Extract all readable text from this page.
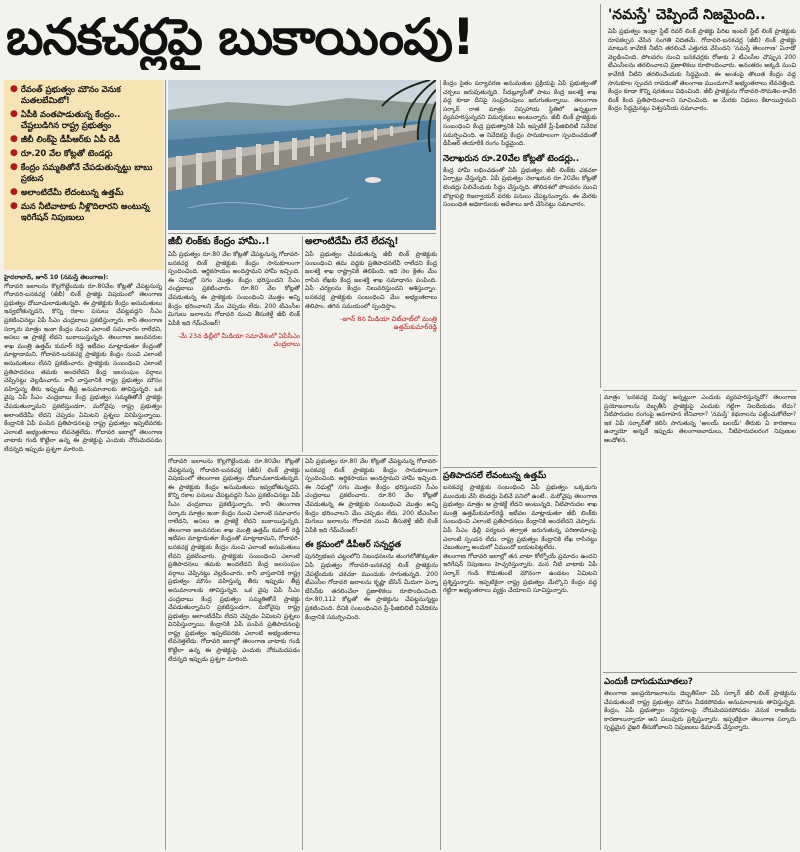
బనకచర్లపై బుకాయింపు!	'నమస్తే' చెప్పిందే నిజమైంది..
ఏపీ ప్రభుత్వం ఇంట్రా స్టేట్ రివర్ లింక్ ప్రాజెక్టు పేరిట ఇంటర్ స్టేట్ లింక్ ప్రాజెక్టుకు రూపకల్పన చేసిన సంగతి విదితమే. గోదావరి-బనకచర్ల (జీబీ) లింక్ ప్రాజెక్టు మాటున కావేరికి నీటిని తరలించే ఎత్తుగడ వేసిందని 'నమస్తే తెలంగాణ' ఏనాడో వెల్లడించింది. పోలవరం నుంచి బనకచర్లకు రోజుకు 2 టీఎంసీల చొప్పున 200 టీఎంసీలను తరలించాలని ప్రణాళికలు రూపొందించారు. అనంతరం అక్కడి నుంచి కావేరికి నీటిని తరలించేందుకు సిద్ధమైంది. ఈ అంశంపై తొలుత కేంద్రం వద్ద సానుకూల స్పందన రావడంతో తెలంగాణ ముందుగానే అభ్యంతరాలు లేవనెత్తింది. కేంద్రం కూడా కొన్ని షరతులు విధించింది. జీబీ ప్రాజెక్టును గోదావరి-సోమశిల-కావేరి లింక్ కింద ప్రతిపాదించాలని సూచించింది. ఆ మేరకు నిధులు కేటాయిస్తామని కేంద్రం సిద్ధమైనట్టు విశ్వసనీయ సమాచారం.
● రేవంత్ ప్రభుత్వం మౌనం వెనుక మతలబేమిటో!
● ఏపీకి వంతపాడుతున్న కేంద్రం.. చేష్టలుడిగిన రాష్ట్ర ప్రభుత్వం
● జీబీ లింక్‌పై డీపీఆర్‌కు ఏపీ రెడీ
● రూ.20 వేల కోట్లతో టెండర్లు
● కేంద్రం సమ్మతితోనే చేపడుతున్నట్టు బాబు ప్రకటన
● అలాంటిదేమీ లేదంటున్న ఉత్తమ్
● మన నీటివాటాకు నీళ్లొదిలారని అంటున్న ఇరిగేషన్ నిపుణులు
హైదరాబాద్, జూన్ 10 (నమస్తే తెలంగాణ):
గోదావరి జలాలను కొల్లగొట్టేందుకు రూ.80వేల కోట్లతో చేపట్టనున్న గోదావరి-బనకచర్ల (జీబీ) లింక్ ప్రాజెక్టు విషయంలో తెలంగాణ ప్రభుత్వం దోబూచులాడుతున్నది. ఈ ప్రాజెక్టుకు కేంద్రం అనుమతులు ఇవ్వబోతున్నదని, కొన్ని రకాల పనులు చేపట్టవద్దని సీఎం ప్రకటించినట్టు ఏపీ సీఎం చంద్రబాబు ప్రకటిస్తున్నారు. కానీ తెలంగాణ సర్కారు మాత్రం ఇంకా కేంద్రం నుంచి ఎలాంటి సమాచారం రాలేదని, అసలు ఆ ప్రాజెక్టే లేదని బుకాయిస్తున్నది. తెలంగాణ జలవనరుల శాఖ మంత్రి ఉత్తమ్ కుమార్ రెడ్డి ఇటీవల మాట్లాడుతూ కేంద్రంతో మాట్లాడామని, గోదావరి-బనకచర్ల ప్రాజెక్టుకు కేంద్రం నుంచి ఎలాంటి అనుమతులు లేవని ప్రకటించారు. ప్రాజెక్టుకు సంబంధించి ఎలాంటి ప్రతిపాదనలు తమకు అందలేదని కేంద్ర జలసంఘం వర్గాలు చెప్పినట్టు వెల్లడించారు. కానీ వాస్తవానికి రాష్ట్ర ప్రభుత్వం మౌనం వహిస్తున్న తీరు ఇప్పుడు తీవ్ర అనుమానాలకు తావిస్తున్నది. ఒక వైపు ఏపీ సీఎం చంద్రబాబు కేంద్ర ప్రభుత్వం సమ్మతితోనే ప్రాజెక్టు చేపడుతున్నామని ప్రకటిస్తుండగా, మరోవైపు రాష్ట్ర ప్రభుత్వం అలాంటిదేమీ లేదని చెప్పడం ఏమిటని ప్రశ్నలు వినిపిస్తున్నాయి. కేంద్రానికి ఏపీ పంపిన ప్రతిపాదనలపై రాష్ట్ర ప్రభుత్వం ఇప్పటివరకు ఎలాంటి అభ్యంతరాలు లేవనెత్తలేదు. గోదావరి జలాల్లో తెలంగాణ వాటాకు గండి కొట్టేలా ఉన్న ఈ ప్రాజెక్టుపై ఎందుకు నోరుమెదపడం లేదన్నది ఇప్పుడు ప్రశ్నగా మారింది.
జీబీ లింక్‌కు కేంద్రం హామీ..!
ఏపీ ప్రభుత్వం రూ.80 వేల కోట్లతో చేపట్టనున్న గోదావరి-బనకచర్ల లింక్ ప్రాజెక్టుకు కేంద్రం సానుకూలంగా స్పందించింది. ఆర్థికసాయం అందిస్తామని హామీ ఇచ్చింది. ఈ నిధుల్లో సగం మొత్తం కేంద్రం భరిస్తుందని సీఎం చంద్రబాబు ప్రకటించారు. రూ.80 వేల కోట్లతో చేపడుతున్న ఈ ప్రాజెక్టుకు సంబంధించి మొత్తం అన్ని కేంద్రం భరించాలని మేం చెప్పడం లేదు. 200 టీఎంసీల మిగులు జలాలను గోదావరి నుంచి తీసుకెళ్తే జీబీ లింక్ ఏపీకి ఇది గేమ్‌చేంజర్!
-మే 23న ఢిల్లీలో మీడియా సమావేశంలో ఏపీసీఎం చంద్రబాబు
అలాంటిదేమీ లేనే లేదన్న!
ఏపీ ప్రభుత్వం చేపడుతున్న జీబీ లింక్ ప్రాజెక్టుకు సంబంధించి తమ వద్దకు ప్రతిపాదనలేవీ రాలేదని కేంద్ర జలశక్తి శాఖ రాష్ట్రానికి తెలిపింది. ఇది నెల క్రితం మేం రాసిన లేఖకు కేంద్ర జలశక్తి శాఖ సమాధానం పంపింది. ఏపీ చర్యలను కేంద్రం నిలువరిస్తుందని ఆశిస్తున్నాం. బనకచర్ల ప్రాజెక్టుకు సంబంధించి మేం అభ్యంతరాలు తెలిపాం. తగిన సమయంలో స్పందిస్తాం.
-జూన్ 8న మీడియా చిట్‌చాట్‌లో మంత్రి ఉత్తమ్‌కుమార్‌రెడ్డి
గోదావరి జలాలను కొల్లగొట్టేందుకు రూ.80వేల కోట్లతో చేపట్టనున్న గోదావరి-బనకచర్ల (జీబీ) లింక్ ప్రాజెక్టు విషయంలో తెలంగాణ ప్రభుత్వం దోబూచులాడుతున్నది. ఈ ప్రాజెక్టుకు కేంద్రం అనుమతులు ఇవ్వబోతున్నదని, కొన్ని రకాల పనులు చేపట్టవద్దని సీఎం ప్రకటించినట్టు ఏపీ సీఎం చంద్రబాబు ప్రకటిస్తున్నారు. కానీ తెలంగాణ సర్కారు మాత్రం ఇంకా కేంద్రం నుంచి ఎలాంటి సమాచారం రాలేదని, అసలు ఆ ప్రాజెక్టే లేదని బుకాయిస్తున్నది. తెలంగాణ జలవనరుల శాఖ మంత్రి ఉత్తమ్ కుమార్ రెడ్డి ఇటీవల మాట్లాడుతూ కేంద్రంతో మాట్లాడామని, గోదావరి-బనకచర్ల ప్రాజెక్టుకు కేంద్రం నుంచి ఎలాంటి అనుమతులు లేవని ప్రకటించారు. ప్రాజెక్టుకు సంబంధించి ఎలాంటి ప్రతిపాదనలు తమకు అందలేదని కేంద్ర జలసంఘం వర్గాలు చెప్పినట్టు వెల్లడించారు. కానీ వాస్తవానికి రాష్ట్ర ప్రభుత్వం మౌనం వహిస్తున్న తీరు ఇప్పుడు తీవ్ర అనుమానాలకు తావిస్తున్నది. ఒక వైపు ఏపీ సీఎం చంద్రబాబు కేంద్ర ప్రభుత్వం సమ్మతితోనే ప్రాజెక్టు చేపడుతున్నామని ప్రకటిస్తుండగా, మరోవైపు రాష్ట్ర ప్రభుత్వం అలాంటిదేమీ లేదని చెప్పడం ఏమిటని ప్రశ్నలు వినిపిస్తున్నాయి. కేంద్రానికి ఏపీ పంపిన ప్రతిపాదనలపై రాష్ట్ర ప్రభుత్వం ఇప్పటివరకు ఎలాంటి అభ్యంతరాలు లేవనెత్తలేదు. గోదావరి జలాల్లో తెలంగాణ వాటాకు గండి కొట్టేలా ఉన్న ఈ ప్రాజెక్టుపై ఎందుకు నోరుమెదపడం లేదన్నది ఇప్పుడు ప్రశ్నగా మారింది.
ఏపీ ప్రభుత్వం రూ.80 వేల కోట్లతో చేపట్టనున్న గోదావరి-బనకచర్ల లింక్ ప్రాజెక్టుకు కేంద్రం సానుకూలంగా స్పందించింది. ఆర్థికసాయం అందిస్తామని హామీ ఇచ్చింది. ఈ నిధుల్లో సగం మొత్తం కేంద్రం భరిస్తుందని సీఎం చంద్రబాబు ప్రకటించారు. రూ.80 వేల కోట్లతో చేపడుతున్న ఈ ప్రాజెక్టుకు సంబంధించి మొత్తం అన్ని కేంద్రం భరించాలని మేం చెప్పడం లేదు. 200 టీఎంసీల మిగులు జలాలను గోదావరి నుంచి తీసుకెళ్తే జీబీ లింక్ ఏపీకి ఇది గేమ్‌చేంజర్!
ఈ క్రమంలో డీపీఆర్ సన్నద్ధత
పునర్విభజన చట్టంలోని నిబంధనలను తుంగలోతొక్కుతూ ఏపీ ప్రభుత్వం గోదావరి-బనకచర్ల లింక్ ప్రాజెక్టును చేపట్టేందుకు చకచకా ముందుకు సాగుతున్నది. 200 టీఎంసీల గోదావరి జలాలను కృష్ణా బేసిన్ మీదుగా పెన్నా బేసిన్‌కు తరలించేలా ప్రణాళికలు రూపొందించింది. రూ.80,112 కోట్లతో ఈ ప్రాజెక్టును చేపట్టనున్నట్టు ప్రకటించింది. దీనికి సంబంధించిన ప్రీ-ఫీజిబిలిటీ నివేదికను కేంద్రానికి సమర్పించింది.
కేంద్రం సైతం పర్యావరణ అనుమతుల ప్రక్రియపై ఏపీ ప్రభుత్వంతో చర్చలు జరుపుతున్నది. సీడబ్ల్యూసీతో పాటు కేంద్ర జలశక్తి శాఖ వద్ద కూడా దీనిపై సంప్రదింపులు జరుగుతున్నాయి. తెలంగాణ సర్కార్ రాత మాత్రం నిస్సహాయ స్థితిలో ఉన్నట్టుగా వ్యవహరిస్తున్నదని విమర్శకులు అంటున్నారు. జీబీ లింక్ ప్రాజెక్టుకు సంబంధించి కేంద్ర ప్రభుత్వానికి ఏపీ ఇప్పటికే ప్రీ-ఫీజిబిలిటీ నివేదిక సమర్పించింది. ఆ నివేదికపై కేంద్రం సానుకూలంగా స్పందించడంతో డీపీఆర్ తయారీకి రంగం సిద్ధమైంది.
నెలాఖరున రూ.20వేల కోట్లతో టెండర్లు..
కేంద్ర హామీ లభించడంతో ఏపీ ప్రభుత్వం జీబీ లింక్‌కు చకచకా ఏర్పాట్లు చేస్తున్నది. ఏపీ ప్రభుత్వం నెలాఖరున రూ.20వేల కోట్లతో టెండర్లు పిలిచేందుకు సిద్ధం చేస్తున్నది. తొలిదశలో పోలవరం నుంచి బొల్లాపల్లి రిజర్వాయర్ వరకు పనులు చేపట్టనున్నారు. ఈ మేరకు సంబంధిత అధికారులకు ఆదేశాలు జారీ చేసినట్టు సమాచారం.
ప్రతిపాదనలే లేవంటున్న ఉత్తమ్
బనకచర్ల ప్రాజెక్టుకు సంబంధించి ఏపీ ప్రభుత్వం ఒక్కడుగు ముందుకు వేసి టెండర్లు పిలిచే పనిలో ఉంటే.. మరోవైపు తెలంగాణ ప్రభుత్వం మాత్రం ఆ ప్రాజెక్టే లేదని అంటున్నది. నీటిపారుదల శాఖ మంత్రి ఉత్తమ్‌కుమార్‌రెడ్డి ఇటీవల మాట్లాడుతూ జీబీ లింక్‌కు సంబంధించి ఎలాంటి ప్రతిపాదనలు కేంద్రానికి అందలేదని చెప్పారు. ఏపీ సీఎం ఢిల్లీ పర్యటన తర్వాత జరుగుతున్న పరిణామాలపై ఎలాంటి స్పందన లేదు. రాష్ట్ర ప్రభుత్వం కేంద్రానికి లేఖ రాసినట్టు చెబుతున్నా అందులో ఏముందో బయటపెట్టలేదు.
తెలంగాణ గోదావరి జలాల్లో తన వాటా కోల్పోయే ప్రమాదం ఉందని ఇరిగేషన్ నిపుణులు హెచ్చరిస్తున్నారు. మన నీటి వాటాకు ఏపీ సర్కార్ గండి కొడుతుంటే మౌనంగా ఉండటం ఏమిటని ప్రశ్నిస్తున్నారు. ఇప్పటికైనా రాష్ట్ర ప్రభుత్వం మేల్కొని కేంద్రం వద్ద గట్టిగా అభ్యంతరాలు వ్యక్తం చేయాలని సూచిస్తున్నారు.
మాత్రం 'బనకచర్ల మిథ్య' అన్నట్టుగా ఎందుకు వ్యవహరిస్తున్నదో? తెలంగాణ ప్రయోజనాలను దెబ్బతీసే ప్రాజెక్టుపై ఎందుకు గట్టిగా నిలదీయడం లేదు? నీటిపారుదల రంగంపై అవగాహన లేనివారా? 'నమస్తే' కథనాలను పట్టించుకోలేదా? ఇక ఏపీ సర్కార్‌తో కలిసి సాగుతున్న 'అలయ్ బలయ్' తీరుకు ఏ కారణాలు ఉన్నాయో అన్నదే ఇప్పుడు తెలంగాణవాదులు, నీటిపారుదలరంగ నిపుణుల ఆందోళన.
ఎందుకీ దాగుడుమూతలు?
తెలంగాణ జలప్రయోజనాలను దెబ్బతీసేలా ఏపీ సర్కార్ జీబీ లింక్ ప్రాజెక్టును చేపడుతుంటే రాష్ట్ర ప్రభుత్వం మౌనం వీడకపోవడం అనుమానాలకు తావిస్తున్నది. కేంద్రం, ఏపీ ప్రభుత్వాల నిర్ణయాలపై నోరుమెదపకపోవడం వెనుక రాజకీయ కారణాలున్నాయా అని పలువురు ప్రశ్నిస్తున్నారు. ఇప్పటికైనా తెలంగాణ సర్కారు స్పష్టమైన వైఖరి తీసుకోవాలని నిపుణులు డిమాండ్ చేస్తున్నారు.
